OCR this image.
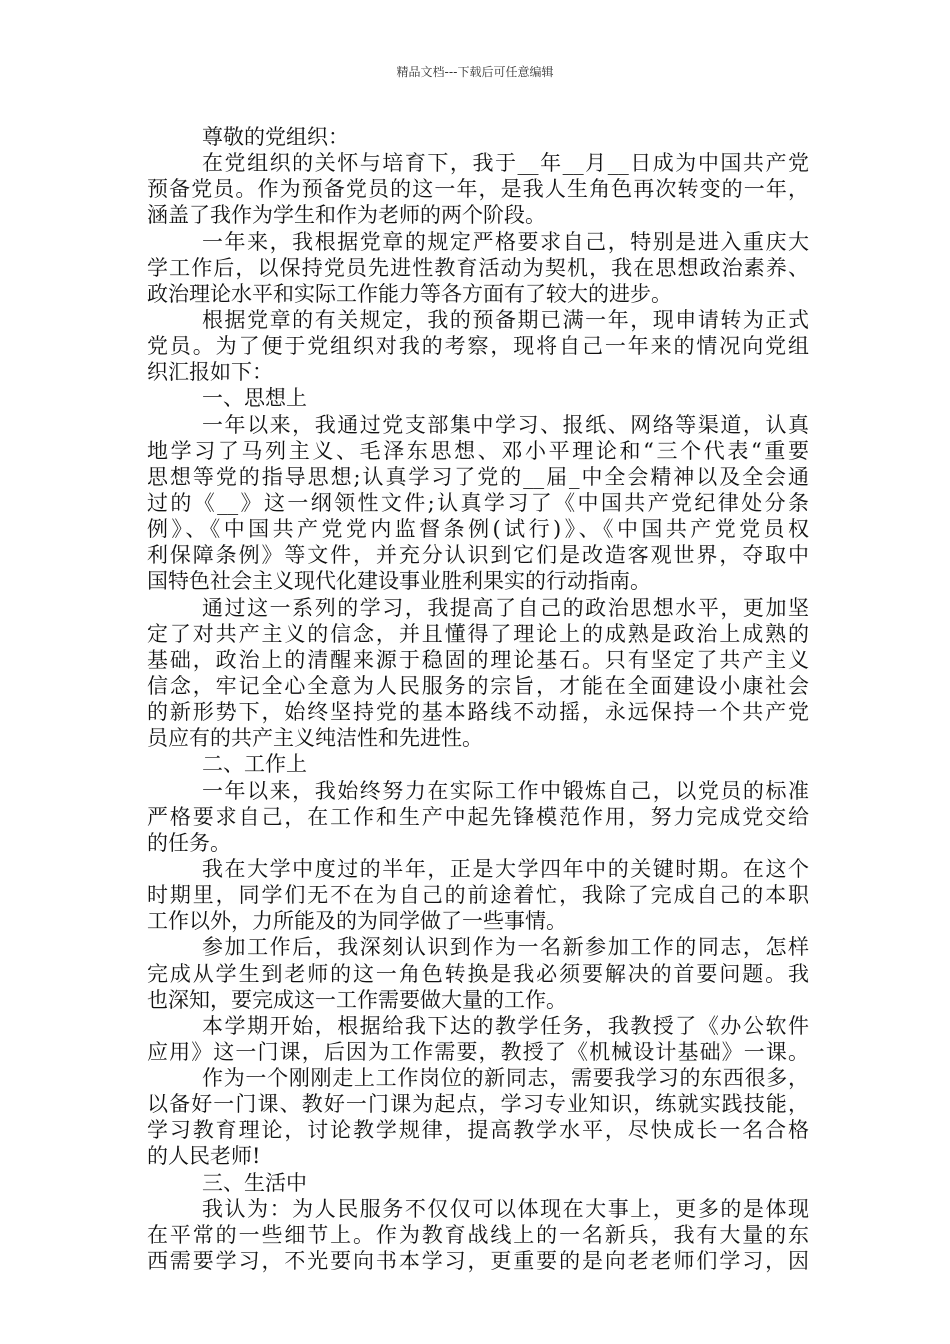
精品文档---下载后可任意编辑
尊敬的党组织：
在党组织的关怀与培育下，我于__年__月__日成为中国共产党
预备党员。作为预备党员的这一年，是我人生角色再次转变的一年，
涵盖了我作为学生和作为老师的两个阶段。
一年来，我根据党章的规定严格要求自己，特别是进入重庆大
学工作后，以保持党员先进性教育活动为契机，我在思想政治素养、
政治理论水平和实际工作能力等各方面有了较大的进步。
根据党章的有关规定，我的预备期已满一年，现申请转为正式
党员。为了便于党组织对我的考察，现将自己一年来的情况向党组
织汇报如下：
一、思想上
一年以来，我通过党支部集中学习、报纸、网络等渠道，认真
地学习了马列主义、毛泽东思想、邓小平理论和“三个代表“重要
思想等党的指导思想;认真学习了党的__届_中全会精神以及全会通
过的《__》这一纲领性文件;认真学习了《中国共产党纪律处分条
例》、《中国共产党党内监督条例(试行)》、《中国共产党党员权
利保障条例》等文件，并充分认识到它们是改造客观世界，夺取中
国特色社会主义现代化建设事业胜利果实的行动指南。
通过这一系列的学习，我提高了自己的政治思想水平，更加坚
定了对共产主义的信念，并且懂得了理论上的成熟是政治上成熟的
基础，政治上的清醒来源于稳固的理论基石。只有坚定了共产主义
信念，牢记全心全意为人民服务的宗旨，才能在全面建设小康社会
的新形势下，始终坚持党的基本路线不动摇，永远保持一个共产党
员应有的共产主义纯洁性和先进性。
二、工作上
一年以来，我始终努力在实际工作中锻炼自己，以党员的标准
严格要求自己，在工作和生产中起先锋模范作用，努力完成党交给
的任务。
我在大学中度过的半年，正是大学四年中的关键时期。在这个
时期里，同学们无不在为自己的前途着忙，我除了完成自己的本职
工作以外，力所能及的为同学做了一些事情。
参加工作后，我深刻认识到作为一名新参加工作的同志，怎样
完成从学生到老师的这一角色转换是我必须要解决的首要问题。我
也深知，要完成这一工作需要做大量的工作。
本学期开始，根据给我下达的教学任务，我教授了《办公软件
应用》这一门课，后因为工作需要，教授了《机械设计基础》一课。
作为一个刚刚走上工作岗位的新同志，需要我学习的东西很多，
以备好一门课、教好一门课为起点，学习专业知识，练就实践技能，
学习教育理论，讨论教学规律，提高教学水平，尽快成长一名合格
的人民老师!
三、生活中
我认为：为人民服务不仅仅可以体现在大事上，更多的是体现
在平常的一些细节上。作为教育战线上的一名新兵，我有大量的东
西需要学习，不光要向书本学习，更重要的是向老老师们学习，因
